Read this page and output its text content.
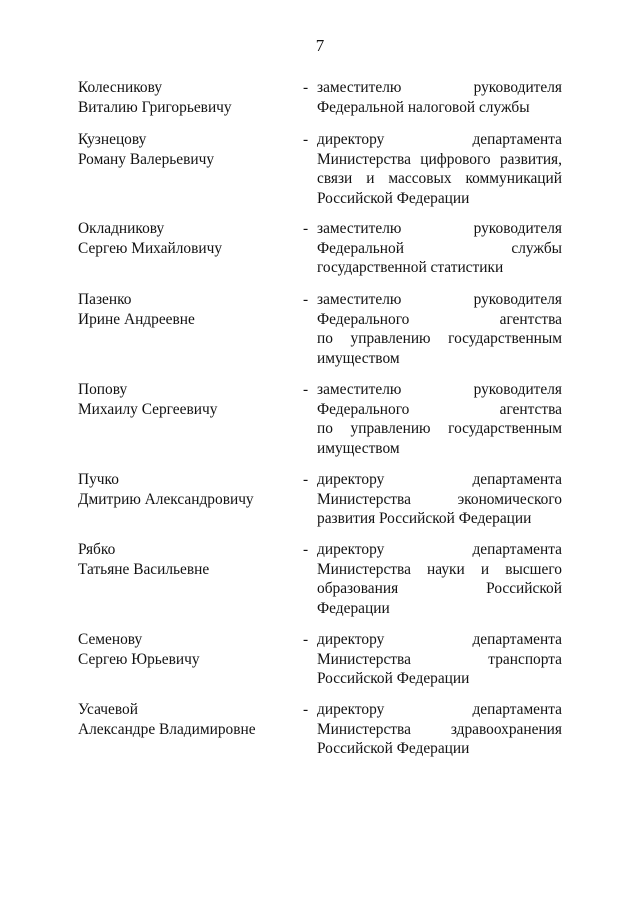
7
Колесникову
Виталию Григорьевичу
- заместителю руководителя
Федеральной налоговой службы
Кузнецову
Роману Валерьевичу
- директору департамента
Министерства цифрового развития,
связи и массовых коммуникаций
Российской Федерации
Окладникову
Сергею Михайловичу
- заместителю руководителя
Федеральной службы
государственной статистики
Пазенко
Ирине Андреевне
- заместителю руководителя
Федерального агентства
по управлению государственным
имуществом
Попову
Михаилу Сергеевичу
- заместителю руководителя
Федерального агентства
по управлению государственным
имуществом
Пучко
Дмитрию Александровичу
- директору департамента
Министерства экономического
развития Российской Федерации
Рябко
Татьяне Васильевне
- директору департамента
Министерства науки и высшего
образования Российской
Федерации
Семенову
Сергею Юрьевичу
- директору департамента
Министерства транспорта
Российской Федерации
Усачевой
Александре Владимировне
- директору департамента
Министерства здравоохранения
Российской Федерации
